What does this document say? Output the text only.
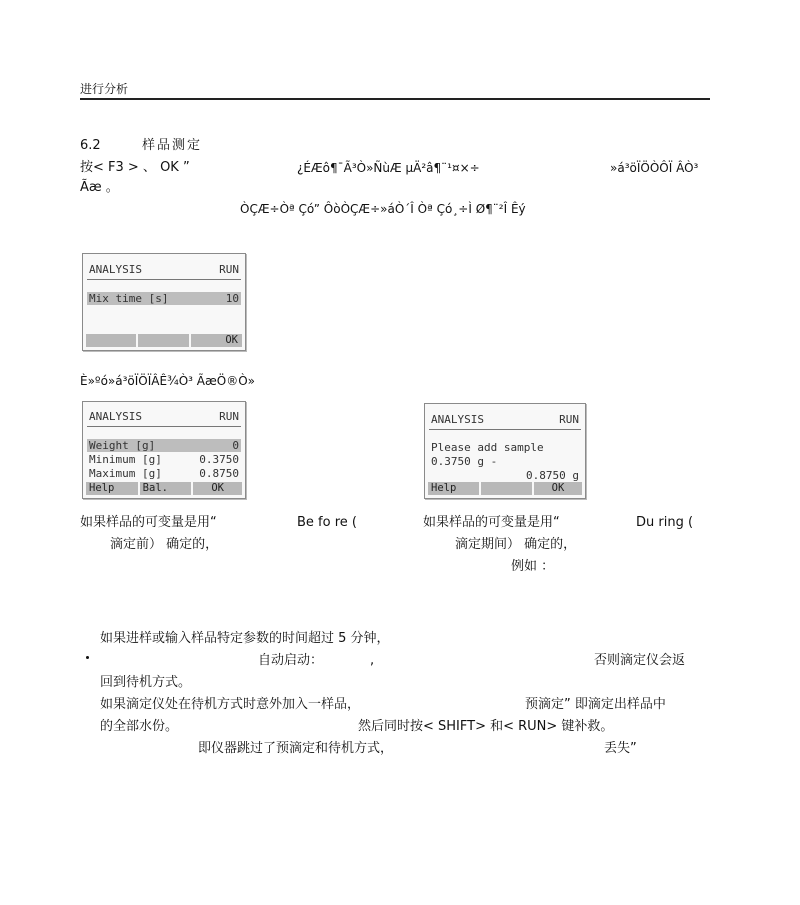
进行分析
6.2	样品测定
按< F3 > 、 OK ”	¿ÉÆô¶¯Ã³Ò»ÑùÆ µÄ²â¶¨¹¤×÷	»á³öÏÖÒÔÏ ÂÒ³
Ãæ 。
ÒÇÆ÷Òª Çó” ÔòÒÇÆ÷»áÒ´Î Òª Çó¸÷Ì Ø¶¨²Î Êý
ANALYSIS	RUN
Mix time [s]	10
OK
È»ºó»á³öÏÖÏÂÊ¾Ò³ ÃæÖ®Ò»
ANALYSIS	RUN
Weight [g]	0
Minimum [g]	0.3750
Maximum [g]	0.8750
Help	Bal.	OK
ANALYSIS	RUN
Please add sample
0.3750 g -
0.8750 g
Help	OK
如果样品的可变量是用“	Be fo re (
滴定前） 确定的，
如果样品的可变量是用“	Du ring (
滴定期间） 确定的，
例如 ：
如果进样或输入样品特定参数的时间超过 5 分钟，
自动启动：	,	否则滴定仪会返
回到待机方式。
如果滴定仪处在待机方式时意外加入一样品，	预滴定” 即滴定出样品中
的全部水份。	然后同时按< SHIFT> 和< RUN> 键补救。
即仪器跳过了预滴定和待机方式，	丢失”
